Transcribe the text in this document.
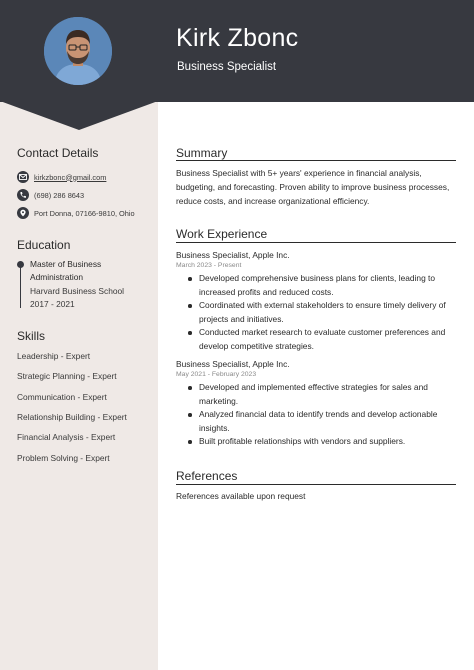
Kirk Zbonc
Business Specialist
Contact Details
kirkzbonc@gmail.com
(698) 286 8643
Port Donna, 07166-9810, Ohio
Education
Master of Business Administration
Harvard Business School
2017 - 2021
Skills
Leadership - Expert
Strategic Planning - Expert
Communication - Expert
Relationship Building - Expert
Financial Analysis - Expert
Problem Solving - Expert
Summary
Business Specialist with 5+ years' experience in financial analysis, budgeting, and forecasting. Proven ability to improve business processes, reduce costs, and increase organizational efficiency.
Work Experience
Business Specialist, Apple Inc.
March 2023 - Present
Developed comprehensive business plans for clients, leading to increased profits and reduced costs.
Coordinated with external stakeholders to ensure timely delivery of projects and initiatives.
Conducted market research to evaluate customer preferences and develop competitive strategies.
Business Specialist, Apple Inc.
May 2021 - February 2023
Developed and implemented effective strategies for sales and marketing.
Analyzed financial data to identify trends and develop actionable insights.
Built profitable relationships with vendors and suppliers.
References
References available upon request
